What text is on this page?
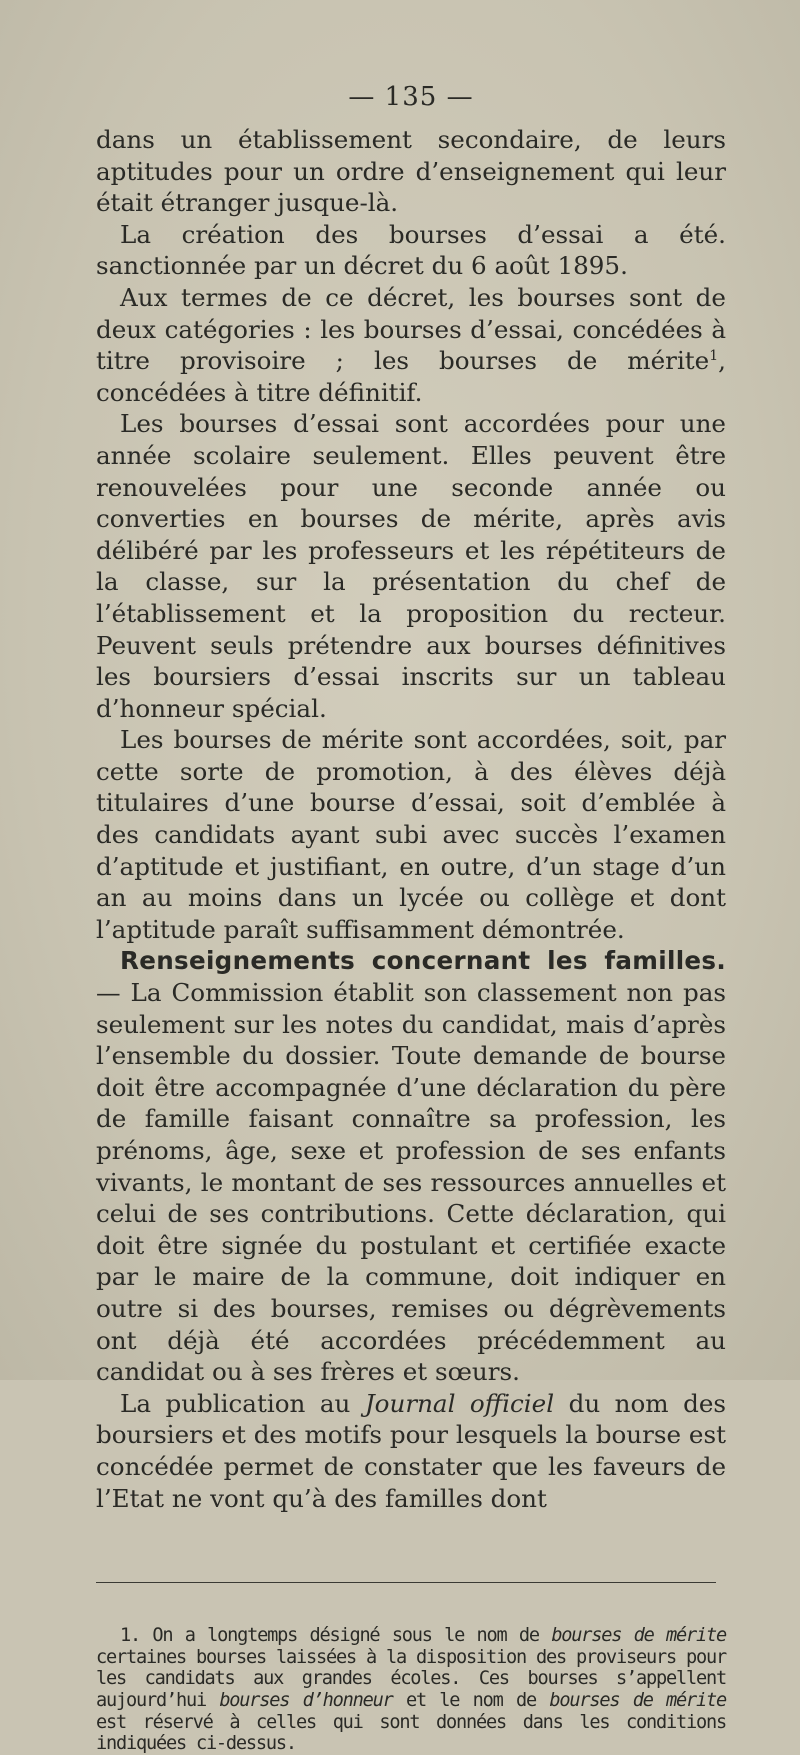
— 135 —

dans un établissement secondaire, de leurs aptitudes pour un ordre d’enseignement qui leur était étranger jusque-là.

La création des bourses d’essai a été. sanctionnée par un décret du 6 août 1895.

Aux termes de ce décret, les bourses sont de deux catégories : les bourses d’essai, concédées à titre provisoire ; les bourses de mérite$^1$, concédées à titre définitif.

Les bourses d’essai sont accordées pour une année scolaire seulement. Elles peuvent être renouvelées pour une seconde année ou converties en bourses de mérite, après avis délibéré par les professeurs et les répétiteurs de la classe, sur la présentation du chef de l’établissement et la proposition du recteur. Peuvent seuls prétendre aux bourses définitives les boursiers d’essai inscrits sur un tableau d’honneur spécial.

Les bourses de mérite sont accordées, soit, par cette sorte de promotion, à des élèves déjà titulaires d’une bourse d’essai, soit d’emblée à des candidats ayant subi avec succès l’examen d’aptitude et justifiant, en outre, d’un stage d’un an au moins dans un lycée ou collège et dont l’aptitude paraît suffisamment démontrée.

Renseignements concernant les familles. — La Commission établit son classement non pas seulement sur les notes du candidat, mais d’après l’ensemble du dossier. Toute demande de bourse doit être accompagnée d’une déclaration du père de famille faisant connaître sa profession, les prénoms, âge, sexe et profession de ses enfants vivants, le montant de ses ressources annuelles et celui de ses contributions. Cette déclaration, qui doit être signée du postulant et certifiée exacte par le maire de la commune, doit indiquer en outre si des bourses, remises ou dégrèvements ont déjà été accordées précédemment au candidat ou à ses frères et sœurs.

La publication au Journal officiel du nom des boursiers et des motifs pour lesquels la bourse est concédée permet de constater que les faveurs de l’Etat ne vont qu’à des familles dont

1. On a longtemps désigné sous le nom de bourses de mérite certaines bourses laissées à la disposition des proviseurs pour les candidats aux grandes écoles. Ces bourses s’appellent aujourd’hui bourses d’honneur et le nom de bourses de mérite est réservé à celles qui sont données dans les conditions indiquées ci-dessus.
